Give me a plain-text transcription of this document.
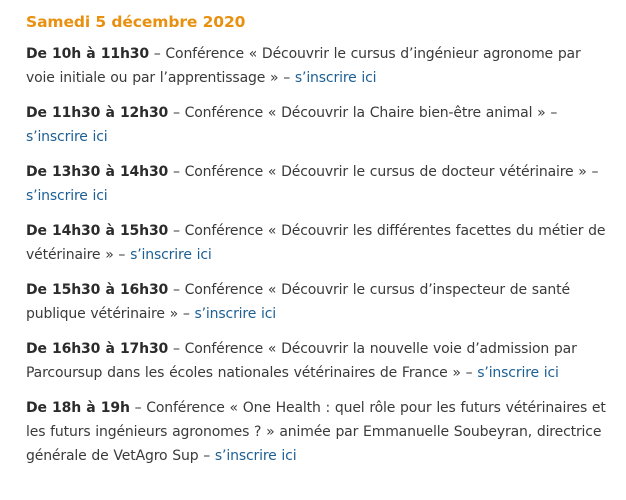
Samedi 5 décembre 2020

De 10h à 11h30 – Conférence « Découvrir le cursus d’ingénieur agronome par voie initiale ou par l’apprentissage » – s’inscrire ici

De 11h30 à 12h30 – Conférence « Découvrir la Chaire bien-être animal » – s’inscrire ici

De 13h30 à 14h30 – Conférence « Découvrir le cursus de docteur vétérinaire » – s’inscrire ici

De 14h30 à 15h30 – Conférence « Découvrir les différentes facettes du métier de vétérinaire » – s’inscrire ici

De 15h30 à 16h30 – Conférence « Découvrir le cursus d’inspecteur de santé publique vétérinaire » – s’inscrire ici

De 16h30 à 17h30 – Conférence « Découvrir la nouvelle voie d’admission par Parcoursup dans les écoles nationales vétérinaires de France » – s’inscrire ici

De 18h à 19h – Conférence « One Health : quel rôle pour les futurs vétérinaires et les futurs ingénieurs agronomes ? » animée par Emmanuelle Soubeyran, directrice générale de VetAgro Sup – s’inscrire ici
